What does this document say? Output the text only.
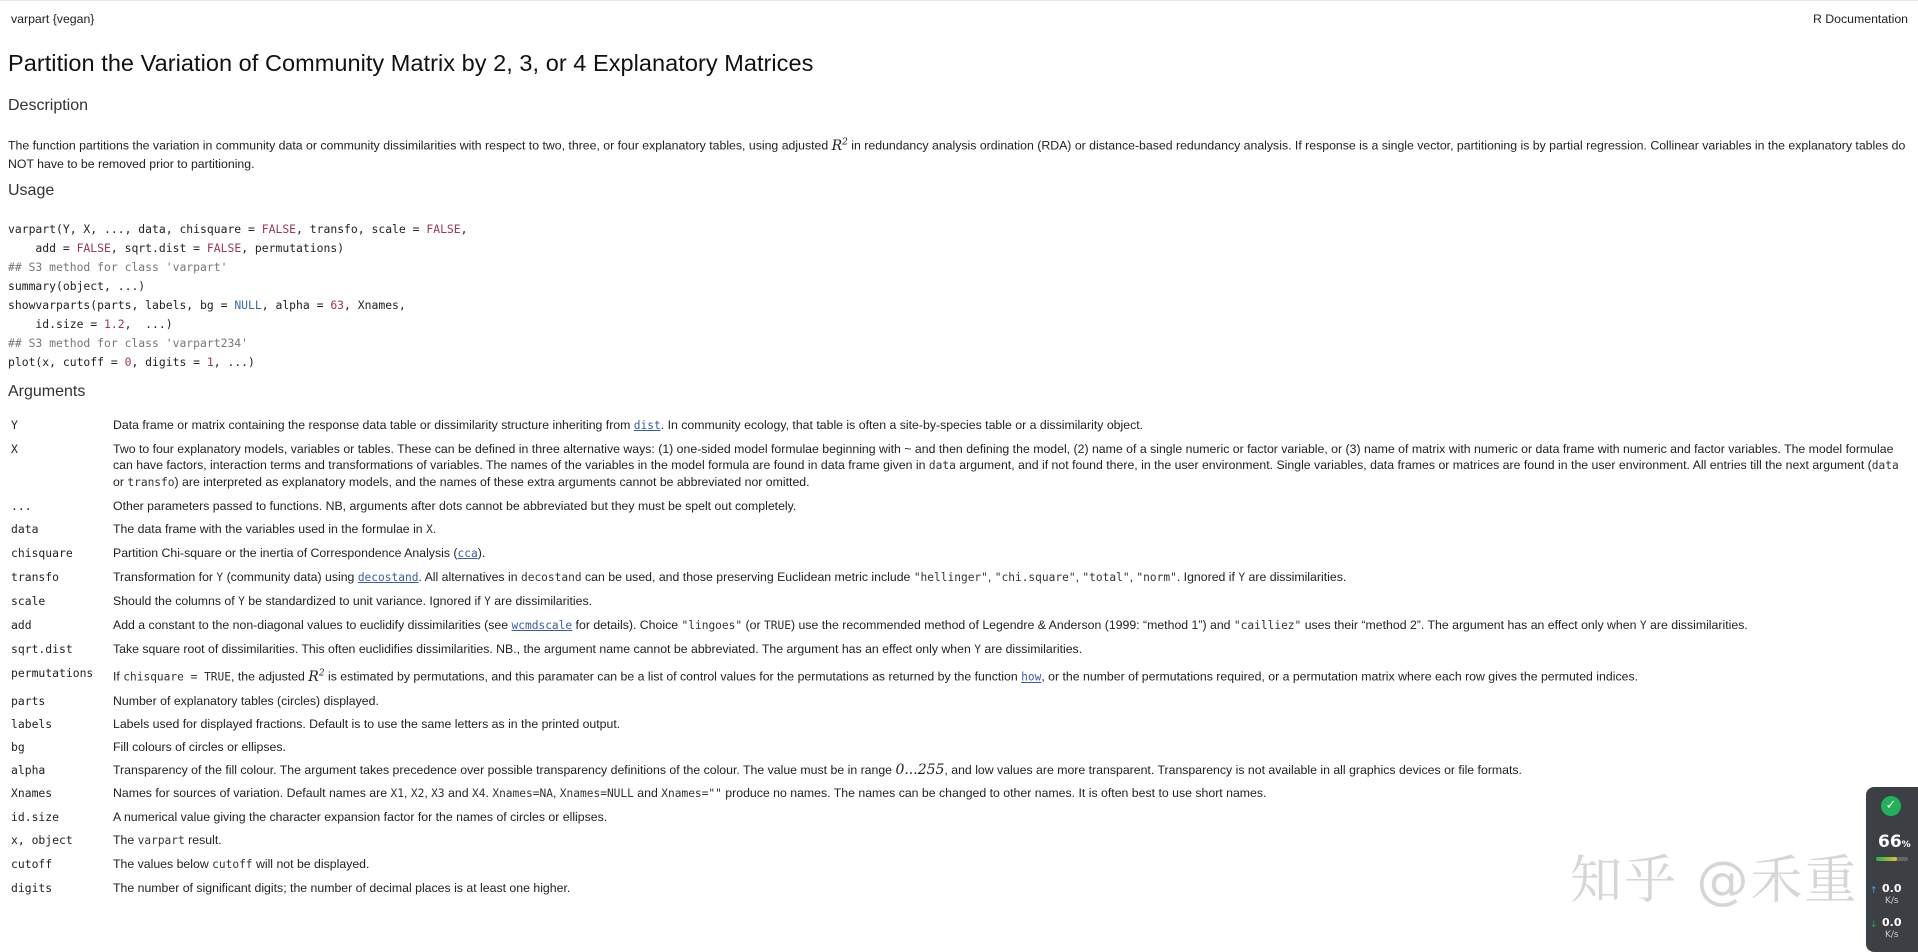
varpart {vegan}	R Documentation
Partition the Variation of Community Matrix by 2, 3, or 4 Explanatory Matrices
Description
The function partitions the variation in community data or community dissimilarities with respect to two, three, or four explanatory tables, using adjusted $R^2$ in redundancy analysis ordination (RDA) or distance-based redundancy analysis. If response is a single vector, partitioning is by partial regression. Collinear variables in the explanatory tables do NOT have to be removed prior to partitioning.
Usage
varpart(Y, X, ..., data, chisquare = FALSE, transfo, scale = FALSE,
add = FALSE, sqrt.dist = FALSE, permutations)
## S3 method for class 'varpart'
summary(object, ...)
showvarparts(parts, labels, bg = NULL, alpha = 63, Xnames,
id.size = 1.2,  ...)
## S3 method for class 'varpart234'
plot(x, cutoff = 0, digits = 1, ...)
Arguments
Y	Data frame or matrix containing the response data table or dissimilarity structure inheriting from dist. In community ecology, that table is often a site-by-species table or a dissimilarity object.
X	Two to four explanatory models, variables or tables. These can be defined in three alternative ways: (1) one-sided model formulae beginning with ~ and then defining the model, (2) name of a single numeric or factor variable, or (3) name of matrix with numeric or data frame with numeric and factor variables. The model formulae can have factors, interaction terms and transformations of variables. The names of the variables in the model formula are found in data frame given in data argument, and if not found there, in the user environment. Single variables, data frames or matrices are found in the user environment. All entries till the next argument (data or transfo) are interpreted as explanatory models, and the names of these extra arguments cannot be abbreviated nor omitted.
...	Other parameters passed to functions. NB, arguments after dots cannot be abbreviated but they must be spelt out completely.
data	The data frame with the variables used in the formulae in X.
chisquare	Partition Chi-square or the inertia of Correspondence Analysis (cca).
transfo	Transformation for Y (community data) using decostand. All alternatives in decostand can be used, and those preserving Euclidean metric include "hellinger", "chi.square", "total", "norm". Ignored if Y are dissimilarities.
scale	Should the columns of Y be standardized to unit variance. Ignored if Y are dissimilarities.
add	Add a constant to the non-diagonal values to euclidify dissimilarities (see wcmdscale for details). Choice "lingoes" (or TRUE) use the recommended method of Legendre & Anderson (1999: “method 1”) and "cailliez" uses their “method 2”. The argument has an effect only when Y are dissimilarities.
sqrt.dist	Take square root of dissimilarities. This often euclidifies dissimilarities. NB., the argument name cannot be abbreviated. The argument has an effect only when Y are dissimilarities.
permutations	If chisquare = TRUE, the adjusted $R^2$ is estimated by permutations, and this paramater can be a list of control values for the permutations as returned by the function how, or the number of permutations required, or a permutation matrix where each row gives the permuted indices.
parts	Number of explanatory tables (circles) displayed.
labels	Labels used for displayed fractions. Default is to use the same letters as in the printed output.
bg	Fill colours of circles or ellipses.
alpha	Transparency of the fill colour. The argument takes precedence over possible transparency definitions of the colour. The value must be in range 0...255, and low values are more transparent. Transparency is not available in all graphics devices or file formats.
Xnames	Names for sources of variation. Default names are X1, X2, X3 and X4. Xnames=NA, Xnames=NULL and Xnames="" produce no names. The names can be changed to other names. It is often best to use short names.
id.size	A numerical value giving the character expansion factor for the names of circles or ellipses.
x, object	The varpart result.
cutoff	The values below cutoff will not be displayed.
digits	The number of significant digits; the number of decimal places is at least one higher.	知乎 @禾重
✓
66%
↑ 0.0
K/s
↓ 0.0
K/s
